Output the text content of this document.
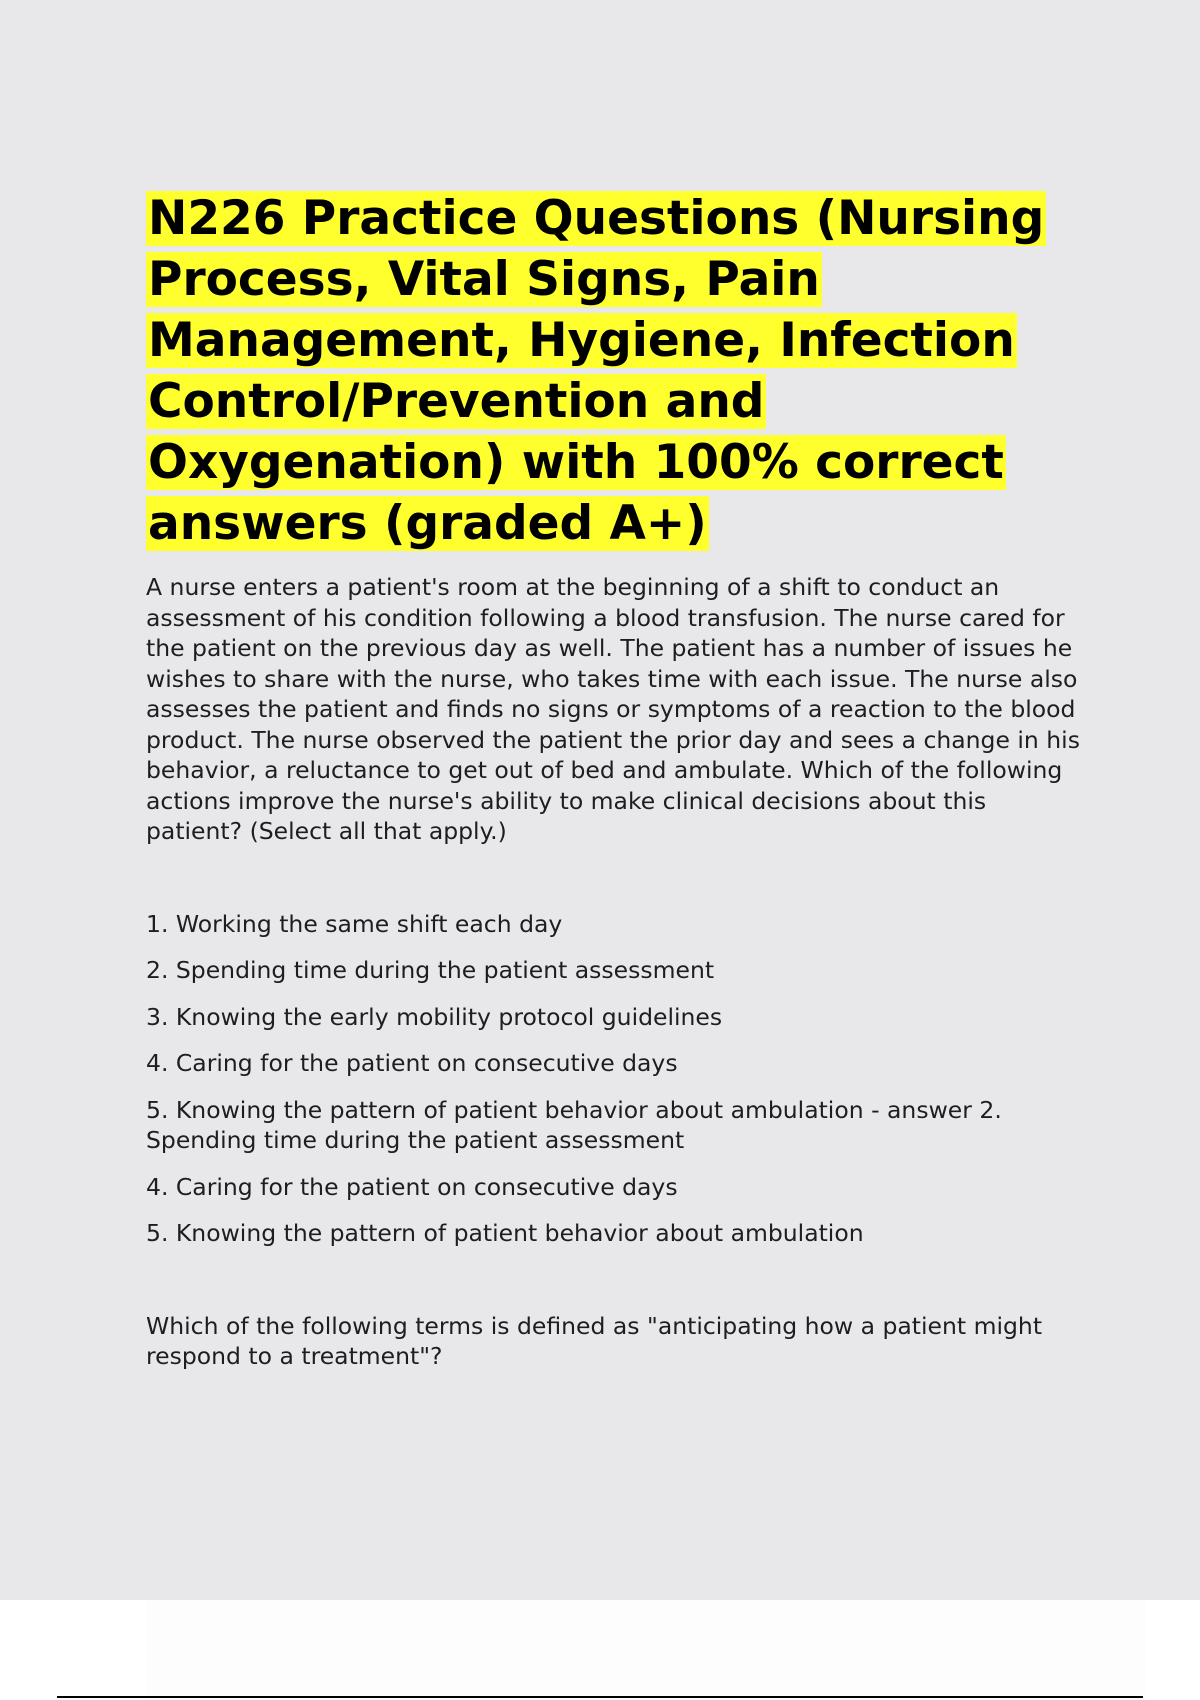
N226 Practice Questions (Nursing Process, Vital Signs, Pain Management, Hygiene, Infection Control/Prevention and Oxygenation) with 100% correct answers (graded A+)

A nurse enters a patient's room at the beginning of a shift to conduct an assessment of his condition following a blood transfusion. The nurse cared for the patient on the previous day as well. The patient has a number of issues he wishes to share with the nurse, who takes time with each issue. The nurse also assesses the patient and finds no signs or symptoms of a reaction to the blood product. The nurse observed the patient the prior day and sees a change in his behavior, a reluctance to get out of bed and ambulate. Which of the following actions improve the nurse's ability to make clinical decisions about this patient? (Select all that apply.)

1. Working the same shift each day
2. Spending time during the patient assessment
3. Knowing the early mobility protocol guidelines
4. Caring for the patient on consecutive days
5. Knowing the pattern of patient behavior about ambulation - answer 2. Spending time during the patient assessment
4. Caring for the patient on consecutive days
5. Knowing the pattern of patient behavior about ambulation

Which of the following terms is defined as "anticipating how a patient might respond to a treatment"?
